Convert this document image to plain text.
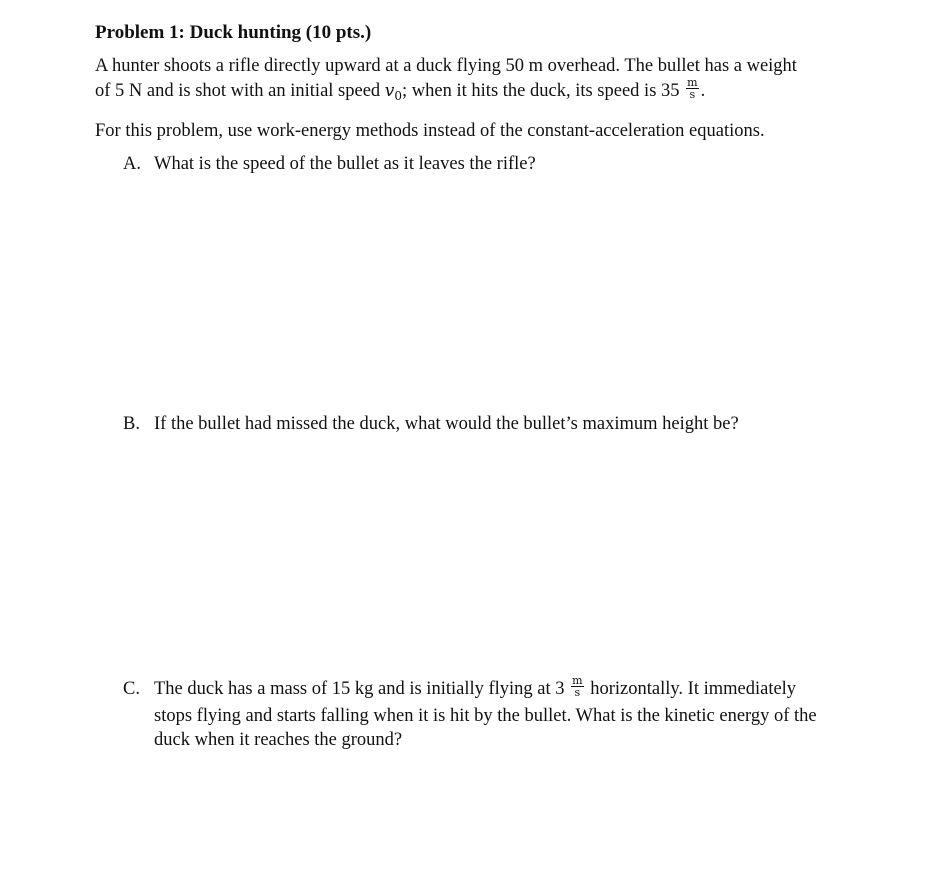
Problem 1: Duck hunting (10 pts.)
A hunter shoots a rifle directly upward at a duck flying 50 m overhead. The bullet has a weight
of 5 N and is shot with an initial speed $v_0$; when it hits the duck, its speed is $35 \frac{m}{s}$ .
For this problem, use work-energy methods instead of the constant-acceleration equations.
A. What is the speed of the bullet as it leaves the rifle?
B. If the bullet had missed the duck, what would the bullet’s maximum height be?
C. The duck has a mass of 15 kg and is initially flying at $3 \frac{m}{s}$ horizontally. It immediately
stops flying and starts falling when it is hit by the bullet. What is the kinetic energy of the
duck when it reaches the ground?
